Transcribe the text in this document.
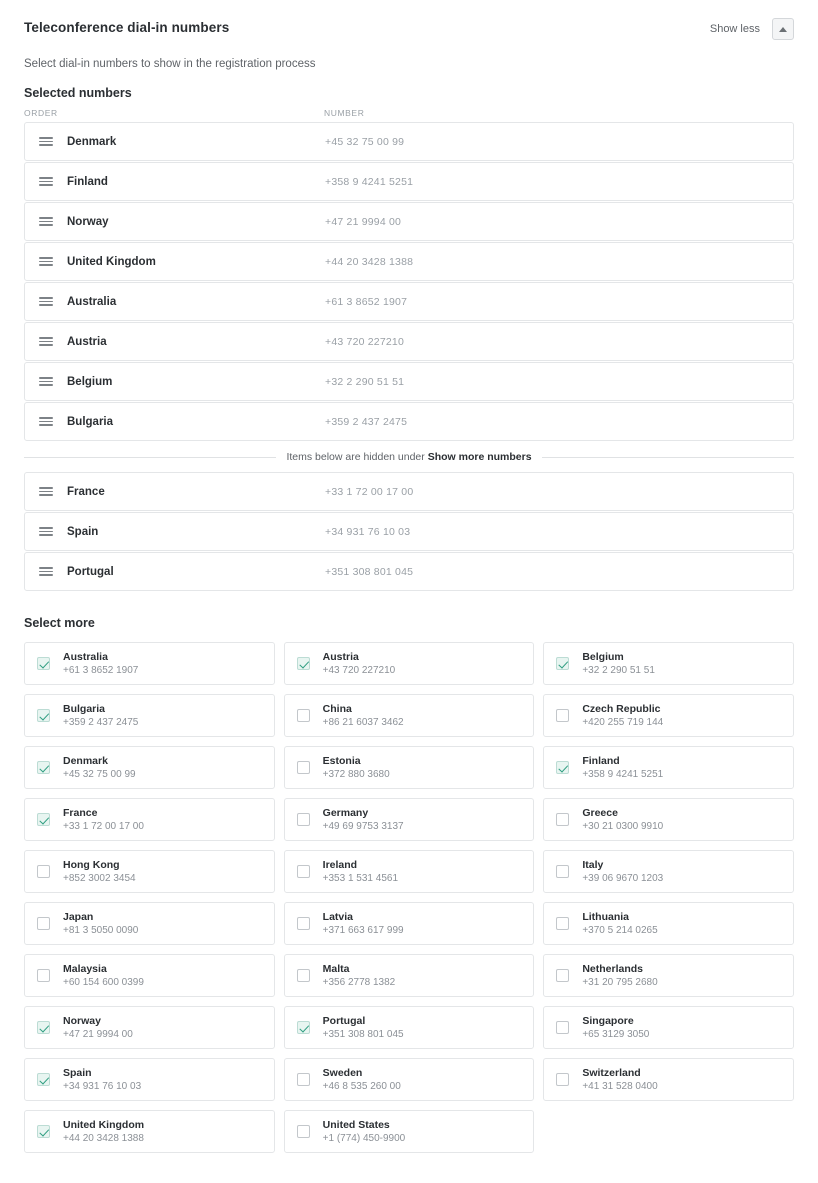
Teleconference dial-in numbers	Show less
Select dial-in numbers to show in the registration process
Selected numbers
ORDER	NUMBER
Denmark	+45 32 75 00 99
Finland	+358 9 4241 5251
Norway	+47 21 9994 00
United Kingdom	+44 20 3428 1388
Australia	+61 3 8652 1907
Austria	+43 720 227210
Belgium	+32 2 290 51 51
Bulgaria	+359 2 437 2475
Items below are hidden under Show more numbers
France	+33 1 72 00 17 00
Spain	+34 931 76 10 03
Portugal	+351 308 801 045
Select more
Australia
+61 3 8652 1907
Austria
+43 720 227210
Belgium
+32 2 290 51 51
Bulgaria
+359 2 437 2475
China
+86 21 6037 3462
Czech Republic
+420 255 719 144
Denmark
+45 32 75 00 99
Estonia
+372 880 3680
Finland
+358 9 4241 5251
France
+33 1 72 00 17 00
Germany
+49 69 9753 3137
Greece
+30 21 0300 9910
Hong Kong
+852 3002 3454
Ireland
+353 1 531 4561
Italy
+39 06 9670 1203
Japan
+81 3 5050 0090
Latvia
+371 663 617 999
Lithuania
+370 5 214 0265
Malaysia
+60 154 600 0399
Malta
+356 2778 1382
Netherlands
+31 20 795 2680
Norway
+47 21 9994 00
Portugal
+351 308 801 045
Singapore
+65 3129 3050
Spain
+34 931 76 10 03
Sweden
+46 8 535 260 00
Switzerland
+41 31 528 0400
United Kingdom
+44 20 3428 1388
United States
+1 (774) 450-9900
